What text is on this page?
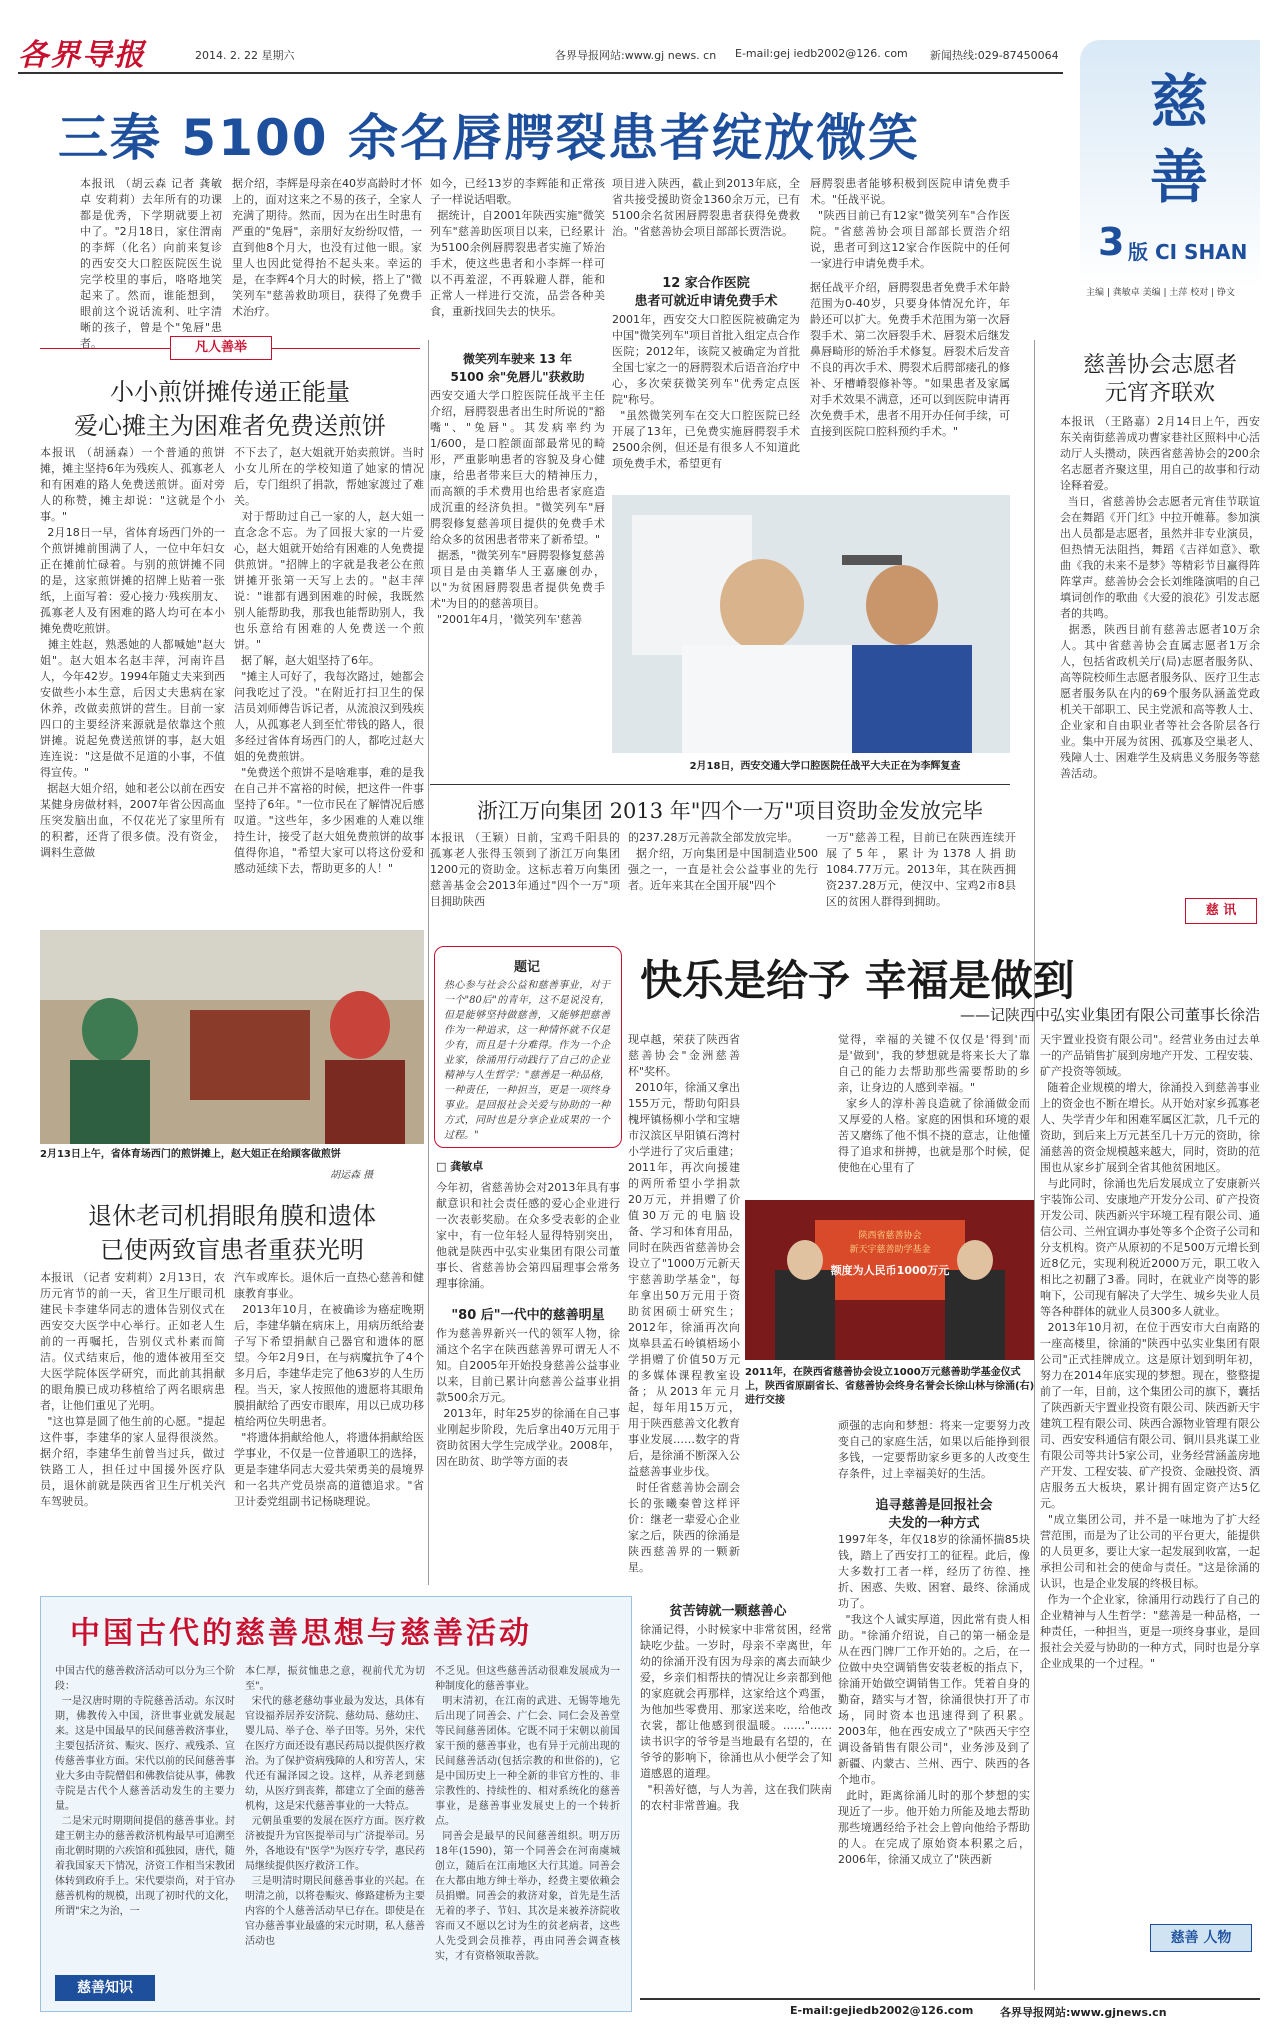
各界导报	2014. 2. 22 星期六	各界导报网站:www.gj news. cn E-mail:gej iedb2002@126. com 新闻热线:029-87450064
慈
善
3 版 CI SHAN
主编 | 龚敏卓 美编 | 土萍 校对 | 铮文
三秦 5100 余名唇腭裂患者绽放微笑
本报讯 （胡云森 记者 龚敏卓 安莉莉）去年所有的功课都是优秀，下学期就要上初中了。"2月18日，家住渭南的李辉（化名）向前来复诊的西安交大口腔医院医生说完学校里的事后，咯咯地笑起来了。然而，谁能想到，眼前这个说话流利、吐字清晰的孩子，曾是个"兔唇"患者。
据介绍，李辉是母亲在40岁高龄时才怀上的，面对这来之不易的孩子，全家人充满了期待。然而，因为在出生时患有严重的"兔唇"，亲朋好友纷纷叹惜，一直到他8个月大，也没有过他一眼。家里人也因此觉得抬不起头来。幸运的是，在李辉4个月大的时候，搭上了"微笑列车"慈善救助项目，获得了免费手术治疗。
如今，已经13岁的李辉能和正常孩子一样说话唱歌。
据统计，自2001年陕西实施"微笑列车"慈善助医项目以来，已经累计为5100余例唇腭裂患者实施了矫治手术，使这些患者和小李辉一样可以不再羞涩，不再躲避人群，能和正常人一样进行交流，品尝各种美食，重新找回失去的快乐。
项目进入陕西，截止到2013年底，全省共接受援助资金1360余万元，已有5100余名贫困唇腭裂患者获得免费救治。"省慈善协会项目部部长贾浩说。
唇腭裂患者能够积极到医院申请免费手术。"任战平说。
"陕西目前已有12家"微笑列车"合作医院。"省慈善协会项目部部长贾浩介绍说，患者可到这12家合作医院中的任何一家进行申请免费手术。
12 家合作医院
患者可就近申请免费手术
2001年，西安交大口腔医院被确定为中国"微笑列车"项目首批入组定点合作医院；2012年，该院又被确定为首批全国七家之一的唇腭裂术后语音治疗中心，多次荣获微笑列车"优秀定点医院"称号。
"虽然微笑列车在交大口腔医院已经开展了13年，已免费实施唇腭裂手术2500余例，但还是有很多人不知道此项免费手术，希望更有
微笑列车驶来 13 年
5100 余"免唇儿"获救助
西安交通大学口腔医院任战平主任介绍，唇腭裂患者出生时所说的"豁嘴"、"兔唇"。其发病率约为1/600，是口腔颌面部最常见的畸形，严重影响患者的容貌及身心健康，给患者带来巨大的精神压力，而高额的手术费用也给患者家庭造成沉重的经济负担。"微笑列车"唇腭裂修复慈善项目提供的免费手术给众多的贫困患者带来了新希望。"
据悉，"微笑列车"唇腭裂修复慈善项目是由美籍华人王嘉廉创办，以"为贫困唇腭裂患者提供免费手术"为目的的慈善项目。
"2001年4月，'微笑列车'慈善
据任战平介绍，唇腭裂患者免费手术年龄范围为0-40岁，只要身体情况允许，年龄还可以扩大。免费手术范围为第一次唇裂手术、第二次唇裂手术、唇裂术后继发鼻唇畸形的矫治手术修复。唇裂术后发音不良的再次手术、腭裂术后腭部瘘孔的修补、牙槽嵴裂修补等。"如果患者及家属对手术效果不满意，还可以到医院申请再次免费手术，患者不用开办任何手续，可直接到医院口腔科预约手术。"
2月18日，西安交通大学口腔医院任战平大夫正在为李辉复查
慈善协会志愿者
元宵齐联欢
本报讯 （王路嘉）2月14日上午，西安东关南街慈善成功曹家巷社区照料中心活动厅人头攒动，陕西省慈善协会的200余名志愿者齐聚这里，用自己的故事和行动诠释着爱。
当日，省慈善协会志愿者元宵佳节联谊会在舞蹈《开门红》中拉开帷幕。参加演出人员都是志愿者，虽然并非专业演员，但热情无法阻挡，舞蹈《吉祥如意》、歌曲《我的未来不是梦》等精彩节目赢得阵阵掌声。慈善协会会长刘维隆演唱的自己填词创作的歌曲《大爱的浪花》引发志愿者的共鸣。
据悉，陕西目前有慈善志愿者10万余人。其中省慈善协会直属志愿者1万余人，包括省政机关厅(局)志愿者服务队、高等院校师生志愿者服务队、医疗卫生志愿者服务队在内的69个服务队涵盖党政机关干部职工、民主党派和高等教人士、企业家和自由职业者等社会各阶层各行业。集中开展为贫困、孤寡及空巢老人、残障人士、困难学生及病患义务服务等慈善活动。
慈 讯
凡人善举
小小煎饼摊传递正能量
爱心摊主为困难者免费送煎饼
本报讯 （胡涵森）一个普通的煎饼摊，摊主坚持6年为残疾人、孤寡老人和有困难的路人免费送煎饼。面对旁人的称赞，摊主却说："这就是个小事。"
2月18日一早，省体育场西门外的一个煎饼摊前围满了人，一位中年妇女正在摊前忙碌着。与别的煎饼摊不同的是，这家煎饼摊的招牌上贴着一张纸，上面写着：爱心接力·残疾朋友、孤寡老人及有困难的路人均可在本小摊免费吃煎饼。
摊主姓赵，熟悉她的人都喊她"赵大姐"。赵大姐本名赵丰萍，河南许昌人，今年42岁。1994年随丈夫来到西安做些小本生意，后因丈夫患病在家休养，改做卖煎饼的营生。目前一家四口的主要经济来源就是依靠这个煎饼摊。说起免费送煎饼的事，赵大姐连连说："这是做不足道的小事，不值得宣传。"
据赵大姐介绍，她和老公以前在西安某健身房做材料，2007年省公因高血压突发脑出血，不仅花光了家里所有的积蓄，还背了很多债。没有资金，调料生意做
不下去了，赵大姐就开始卖煎饼。当时小女儿所在的学校知道了她家的情况后，专门组织了捐款，帮她家渡过了难关。
对于帮助过自己一家的人，赵大姐一直念念不忘。为了回报大家的一片爱心，赵大姐就开始给有困难的人免费提供煎饼。"招牌上的字就是我老公在煎饼摊开张第一天写上去的。"赵丰萍说："谁都有遇到困难的时候，我既然别人能帮助我，那我也能帮助别人，我也乐意给有困难的人免费送一个煎饼。"
据了解，赵大姐坚持了6年。
"摊主人可好了，我每次路过，她都会问我吃过了没。"在附近打扫卫生的保洁员刘师傅告诉记者，从流浪汉到残疾人，从孤寡老人到至忙带钱的路人，很多经过省体育场西门的人，都吃过赵大姐的免费煎饼。
"免费送个煎饼不是啥难事，难的是我在自己并不富裕的时候，把这件一件事坚持了6年。"一位市民在了解情况后感叹道。"这些年，多少困难的人难以维持生计，接受了赵大姐免费煎饼的故事值得你追，"希望大家可以将这份爱和感动延续下去，帮助更多的人！"
2月13日上午，省体育场西门的煎饼摊上，赵大姐正在给顾客做煎饼
胡运森 摄
退休老司机捐眼角膜和遗体
已使两致盲患者重获光明
本报讯 （记者 安莉莉）2月13日，农历元宵节的前一天，省卫生厅眼司机建民卡李建华同志的遗体告别仪式在西安交大医学中心举行。正如老人生前的一再嘱托，告别仪式朴素而简洁。仪式结束后，他的遗体被用至交大医学院体医学研究，而此前其捐献的眼角膜已成功移植给了两名眼病患者，让他们重见了光明。
"这也算是圆了他生前的心愿。"提起这件事，李建华的家人显得很淡然。据介绍，李建华生前曾当过兵，做过铁路工人，担任过中国援外医疗队员，退休前就是陕西省卫生厅机关汽车驾驶员。
汽车或库长。退休后一直热心慈善和健康教育事业。
2013年10月，在被确诊为癌症晚期后，李建华躺在病床上，用病历纸给妻子写下希望捐献自己器官和遗体的愿望。今年2月9日，在与病魔抗争了4个多月后，李建华走完了他63岁的人生历程。当天，家人按照他的遗愿将其眼角膜捐献给了西安市眼库，用以已成功移植给两位失明患者。
"将遗体捐献给他人，将遗体捐献给医学事业，不仅是一位普通职工的选择，更是李建华同志大爱共荣勇美的晨境界和一名共产党员崇高的道德追求。"省卫计委党组副书记杨晓理说。
浙江万向集团 2013 年"四个一万"项目资助金发放完毕
本报讯 （王颖）日前，宝鸡千阳县的孤寡老人张得玉领到了浙江万向集团1200元的资助金。这标志着万向集团慈善基金会2013年通过"四个一万"项目拥助陕西
的237.28万元善款全部发放完毕。
据介绍，万向集团是中国制造业500强之一，一直是社会公益事业的先行者。近年来其在全国开展"四个
一万"慈善工程，目前已在陕西连续开展了5年，累计为1378人捐助1084.77万元。2013年，其在陕西拥资237.28万元，使汉中、宝鸡2市8县区的贫困人群得到拥助。
题记
热心参与社会公益和慈善事业，对于一个"80后"的青年，这不是说没有，但是能够坚持做慈善，又能够把慈善作为一种追求，这一种情怀就不仅是少有，而且是十分难得。作为一个企业家，徐涌用行动践行了自己的企业精神与人生哲学："慈善是一种品格，一种责任，一种担当，更是一项终身事业。是回报社会关爱与协助的一种方式，同时也是分享企业成果的一个过程。"
快乐是给予 幸福是做到
——记陕西中弘实业集团有限公司董事长徐浩
□ 龚敏卓
今年初，省慈善协会对2013年具有事献意识和社会责任感的爱心企业进行一次表彰奖励。在众多受表彰的企业家中，有一位年轻人显得特别突出，他就是陕西中弘实业集团有限公司董事长、省慈善协会第四届理事会常务理事徐涌。
"80 后"一代中的慈善明星
作为慈善界新兴一代的领军人物，徐涌这个名字在陕西慈善界可谓无人不知。自2005年开始投身慈善公益事业以来，目前已累计向慈善公益事业捐款500余万元。
2013年，时年25岁的徐涌在自己事业刚起步阶段，先后拿出40万元用于资助贫困大学生完成学业。2008年，因在助贫、助学等方面的表
现卓越，荣获了陕西省慈善协会"金洲慈善杯"奖杯。
2010年，徐涌又拿出155万元，帮助句阳县槐坪镇杨柳小学和宝塘市汉滨区早阳镇石湾村小学进行了灾后重建；2011年，再次向援建的两所希望小学捐款20万元，并捐赠了价值30万元的电脑设备、学习和体育用品，同时在陕西省慈善协会设立了"1000万元新天宇慈善助学基金"，每年拿出50万元用于资助贫困硕士研究生；2012年，徐涌再次向岚皋县孟石岭镇梧场小学捐赠了价值50万元的多媒体课程教室设备；从2013年元月起，每年用15万元，用于陕西慈善文化教育事业发展……数字的背后，是徐涌不断深入公益慈善事业步伐。
时任省慈善协会副会长的张曦秦曾这样评价：继老一辈爱心企业家之后，陕西的徐涌是陕西慈善界的一颗新星。
觉得，幸福的关键不仅仅是'得到'而是'做到'，我的梦想就是将来长大了靠自己的能力去帮助那些需要帮助的乡亲，让身边的人感到幸福。"
家乡人的淳朴善良造就了徐涌做金而又厚爱的人格。家庭的困惧和环境的艰苦又磨练了他不惧不挠的意志，让他懂得了追求和拼搏，也就是那个时候，促使他在心里有了
陕西省慈善协会
新天宇慈善助学基金
额度为人民币1000万元
2011年，在陕西省慈善协会设立1000万元慈善助学基金仪式上，陕西省原副省长、省慈善协会终身名誉会长徐山林与徐涌(右)进行交接
顽强的志向和梦想：将来一定要努力改变自己的家庭生活，如果以后能挣到很多钱，一定要帮助家乡更多的人改变生存条件，过上幸福美好的生活。
追寻慈善是回报社会
夫发的一种方式
1997年冬，年仅18岁的徐涌怀揣85块钱，踏上了西安打工的征程。此后，像大多数打工者一样，经历了彷徨、挫折、困惑、失败、困窘、最终、徐涌成功了。
"我这个人诚实厚道，因此常有贵人相助。"徐涌介绍说，自己的第一桶金是从在西门牌厂工作开始的。之后，在一位做中央空调销售安装老板的指点下，徐涌开始做空调销售工作。凭着自身的勤奋，踏实与才智，徐涌很快打开了市场，同时资本也迅速得到了积累。2003年，他在西安成立了"陕西天宇空调设备销售有限公司"，业务涉及到了新疆、内蒙古、兰州、西宁、陕西的各个地市。
此时，距离徐涌儿时的那个梦想的实现近了一步。他开始力所能及地去帮助那些境遇经给予社会上曾向他给予帮助的人。在完成了原始资本积累之后，2006年，徐涌又成立了"陕西新
贫苦铸就一颗慈善心
徐涌记得，小时候家中非常贫困，经常缺吃少盐。一岁时，母亲不幸离世，年幼的徐涌开没有因为母亲的离去而缺少爱，乡亲们相帮扶的情况让乡亲都到他的家庭就会再那样，这家给这个鸡蛋，为他加些零费用、那家送来吃，给他改衣裳，都让他感到很温暖。……"……读书识字的爷爷是当地最有名望的，在爷爷的影响下，徐涌也从小便学会了知道感恩的道理。
"积善好德，与人为善，这在我们陕南的农村非常普遍。我
天宇置业投资有限公司"。经营业务由过去单一的产品销售扩展到房地产开发、工程安装、矿产投资等领域。
随着企业规模的增大，徐涌投入到慈善事业上的资金也不断在增长。从开始对家乡孤寡老人、失学青少年和困难军属区汇款，几千元的资助，到后来上万元甚至几十万元的资助，徐涌慈善的资金规模越来越大，同时，资助的范围也从家乡扩展到全省其他贫困地区。
与此同时，徐涌也先后发展成立了安康新兴宇装饰公司、安康地产开发分公司、矿产投资开发公司、陕西新兴宇环境工程有限公司、通信公司、兰州宜调办事处等多个企资子公司和分支机构。资产从原初的不足500万元增长到近8亿元，实现利税近2000万元，职工收入相比之初翻了3番。同时，在就业产岗等的影响下，公司现有解决了大学生、城乡失业人员等各种群体的就业人员300多人就业。
2013年10月初，在位于西安市大白南路的一座高楼里，徐涌的"陕西中弘实业集团有限公司"正式挂牌成立。这是原计划到明年初，努力在2014年底实现的梦想。现在，整整提前了一年，目前，这个集团公司的旗下，囊括了陕西新天宇置业投资有限公司、陕西新天宇建筑工程有限公司、陕西合源物业管理有限公司、西安安科通信有限公司、铜川县兆谋工业有限公司等共计5家公司，业务经营涵盖房地产开发、工程安装、矿产投资、金融投资、酒店服务五大板块，累计拥有固定资产达5亿元。
"成立集团公司，并不是一味地为了扩大经营范围，而是为了让公司的平台更大，能提供的人员更多，要让大家一起发展到收富，一起承担公司和社会的使命与责任。"这是徐涌的认识，也是企业发展的终极目标。
作为一个企业家，徐涌用行动践行了自己的企业精神与人生哲学："慈善是一种品格，一种责任，一种担当，更是一项终身事业，是回报社会关爱与协助的一种方式，同时也是分享企业成果的一个过程。"
慈善 人物
中国古代的慈善思想与慈善活动
中国古代的慈善救济活动可以分为三个阶段：
一是汉唐时期的寺院慈善活动。东汉时期，佛教传入中国，济世事业就发展起来。这是中国最早的民间慈善救济事业，主要包括济贫、赈灾、医疗、戒残杀、宣传慈善事业方面。宋代以前的民间慈善事业大多由寺院僧侣和佛教信徒从事，佛教寺院是古代个人慈善活动发生的主要力量。
二是宋元时期期间提倡的慈善事业。封建王朝主办的慈善救济机构最早可追溯至南北朝时期的六疾馆和孤独园，唐代，随着我国家天下情况，济资工作相当宋教团体转到政府手上。宋代要崇尚，对于官办慈善机构的规模，出现了初时代的文化，所谓"宋之为治，一
本仁厚，振贫恤患之意，视前代尤为切至"。
宋代的慈老慈幼事业最为发达，具体有官设福养居养安济院、慈幼局、慈幼庄、婴儿局、举子仓、举子田等。另外，宋代在医疗方面还设有惠民药局以提供医疗救治。为了保护资病残障的人和穷苦人，宋代还有漏泽园之设。这样，从养老到慈幼，从医疗到丧葬，都建立了全面的慈善机构，这是宋代慈善事业的一大特点。
元朝虽重要的发展在医疗方面。医疗救济被提升为官医提举司与广济提举司。另外，各地设有"医学"为医疗专学，惠民药局继续提供医疗救济工作。
三是明清时期民间慈善事业的兴起。在明清之前，以将卷赈灾、修路建桥为主要内容的个人慈善活动早已存在。即使是在官办慈善事业最盛的宋元时期，私人慈善活动也
不乏见。但这些慈善活动很难发展成为一种制度化的慈善事业。
明末清初，在江南的武进、无锡等地先后出现了同善会、广仁会、同仁会及善堂等民间慈善团体。它既不同于宋朝以前国家干预的慈善事业，也有异于元前出现的民间慈善活动(包括宗教的和世俗的)，它是中国历史上一种全新的非官方性的、非宗教性的、持续性的、相对系统化的慈善事业，是慈善事业发展史上的一个转折点。
同善会是最早的民间慈善组织。明万历18年(1590)，第一个同善会在河南虞城创立，随后在江南地区大行其道。同善会在大都由地方绅士举办，经费主要依赖会员捐赠。同善会的救济对象，首先是生活无着的孝子、节妇、其次是来被养济院收容而又不愿以乞讨为生的贫老病者，这些人先受到会员推荐，再由同善会调查核实，才有资格领取善款。
慈善知识
E-mail:gejiedb2002@126.com 各界导报网站:www.gjnews.cn
